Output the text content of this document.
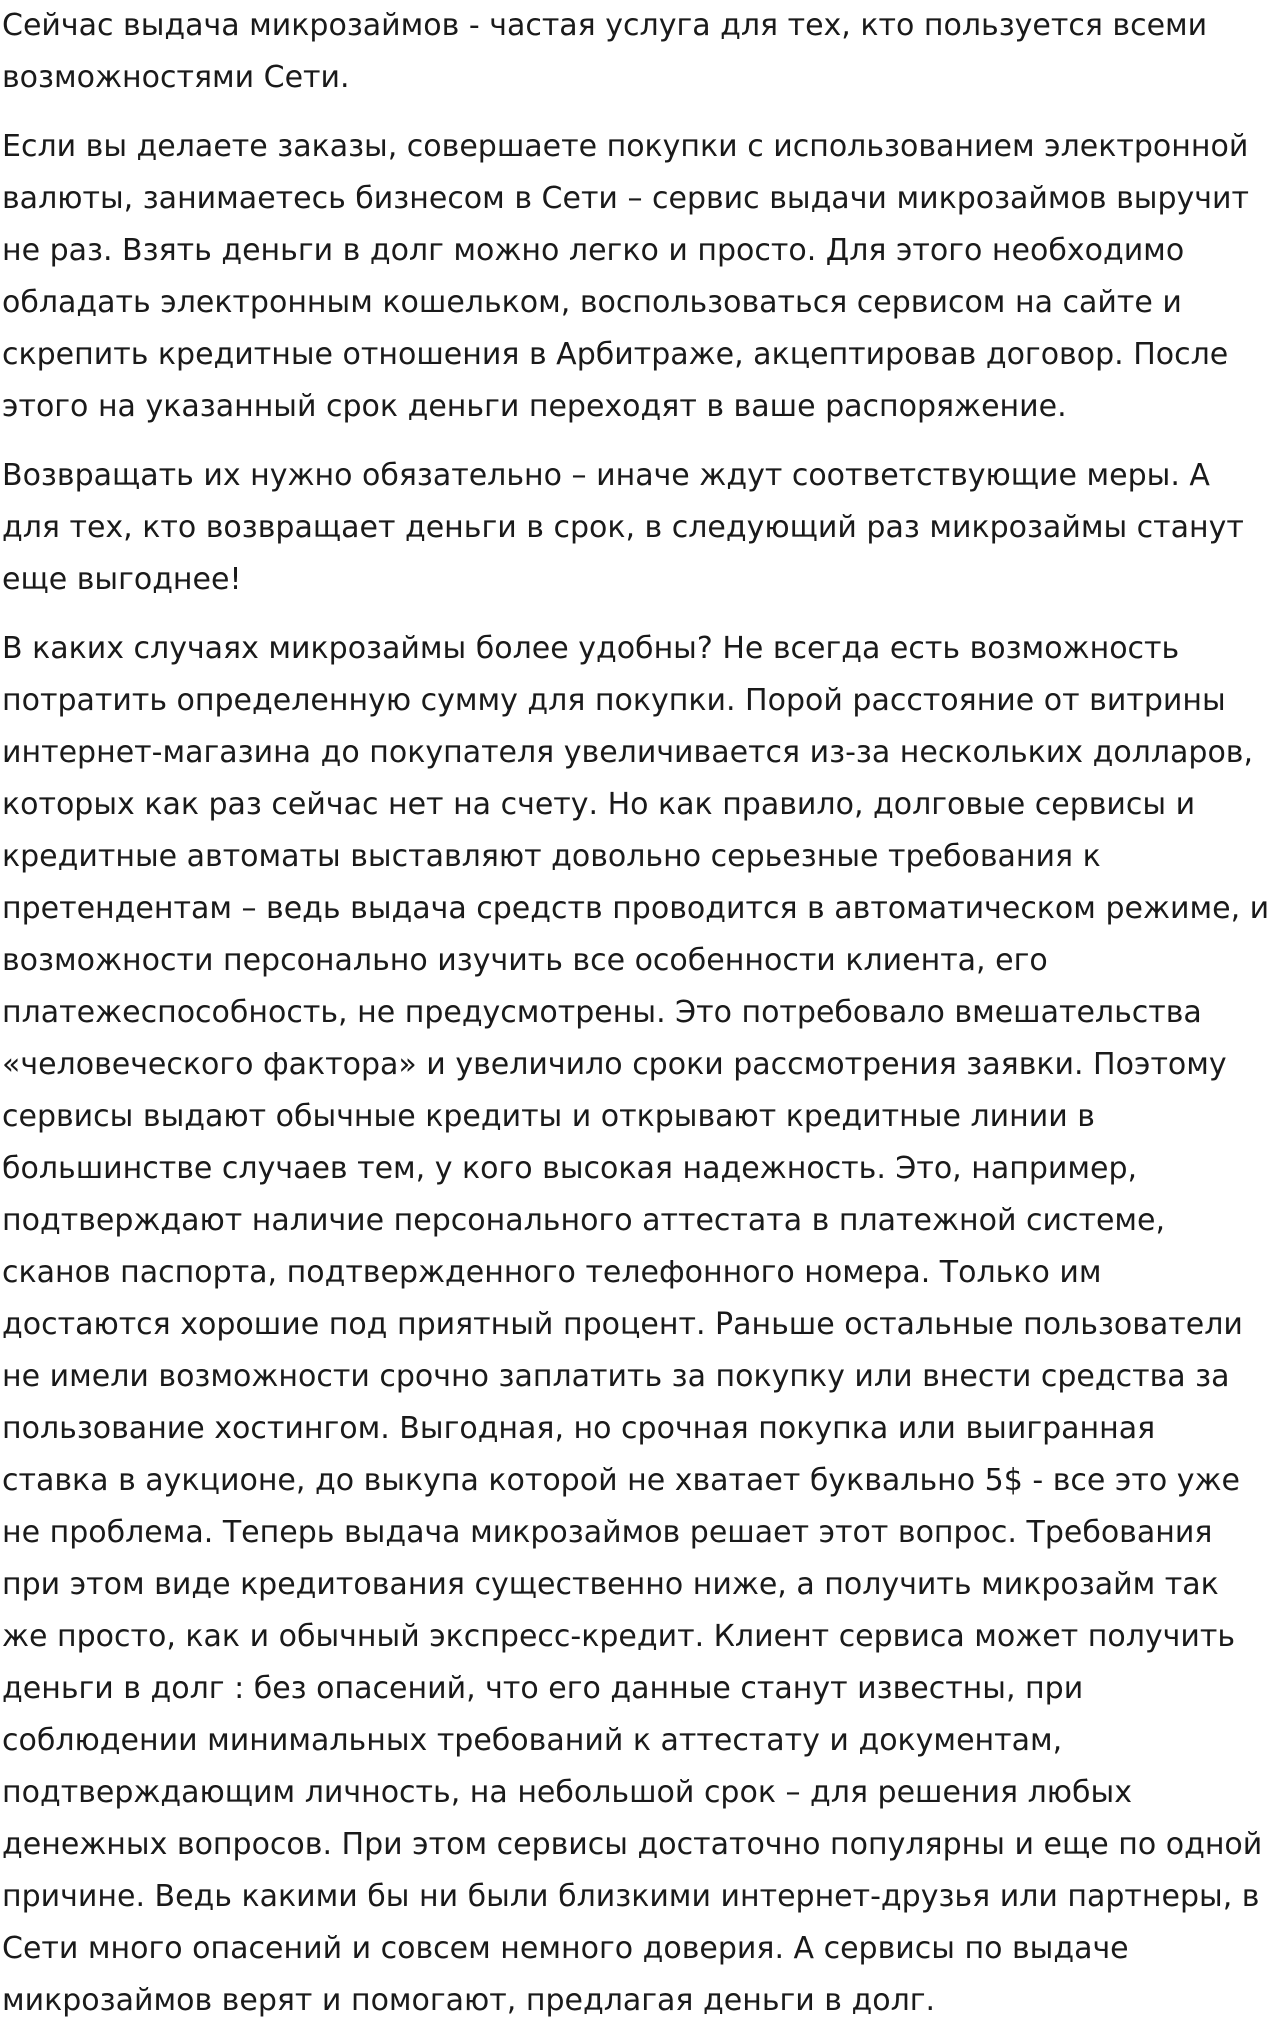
Сейчас выдача микрозаймов - частая услуга для тех, кто пользуется всеми возможностями Сети.

Если вы делаете заказы, совершаете покупки с использованием электронной валюты, занимаетесь бизнесом в Сети – сервис выдачи микрозаймов выручит не раз. Взять деньги в долг можно легко и просто. Для этого необходимо обладать электронным кошельком, воспользоваться сервисом на сайте и скрепить кредитные отношения в Арбитраже, акцептировав договор. После этого на указанный срок деньги переходят в ваше распоряжение.

Возвращать их нужно обязательно – иначе ждут соответствующие меры. А для тех, кто возвращает деньги в срок, в следующий раз микрозаймы станут еще выгоднее!

В каких случаях микрозаймы более удобны? Не всегда есть возможность потратить определенную сумму для покупки. Порой расстояние от витрины интернет-магазина до покупателя увеличивается из-за нескольких долларов, которых как раз сейчас нет на счету. Но как правило, долговые сервисы и кредитные автоматы выставляют довольно серьезные требования к претендентам – ведь выдача средств проводится в автоматическом режиме, и возможности персонально изучить все особенности клиента, его платежеспособность, не предусмотрены. Это потребовало вмешательства «человеческого фактора» и увеличило сроки рассмотрения заявки. Поэтому сервисы выдают обычные кредиты и открывают кредитные линии в большинстве случаев тем, у кого высокая надежность. Это, например, подтверждают наличие персонального аттестата в платежной системе, сканов паспорта, подтвержденного телефонного номера. Только им достаются хорошие под приятный процент. Раньше остальные пользователи не имели возможности срочно заплатить за покупку или внести средства за пользование хостингом. Выгодная, но срочная покупка или выигранная ставка в аукционе, до выкупа которой не хватает буквально 5$ - все это уже не проблема. Теперь выдача микрозаймов решает этот вопрос. Требования при этом виде кредитования существенно ниже, а получить микрозайм так же просто, как и обычный экспресс-кредит. Клиент сервиса может получить деньги в долг : без опасений, что его данные станут известны, при соблюдении минимальных требований к аттестату и документам, подтверждающим личность, на небольшой срок – для решения любых денежных вопросов. При этом сервисы достаточно популярны и еще по одной причине. Ведь какими бы ни были близкими интернет-друзья или партнеры, в Сети много опасений и совсем немного доверия. А сервисы по выдаче микрозаймов верят и помогают, предлагая деньги в долг.
